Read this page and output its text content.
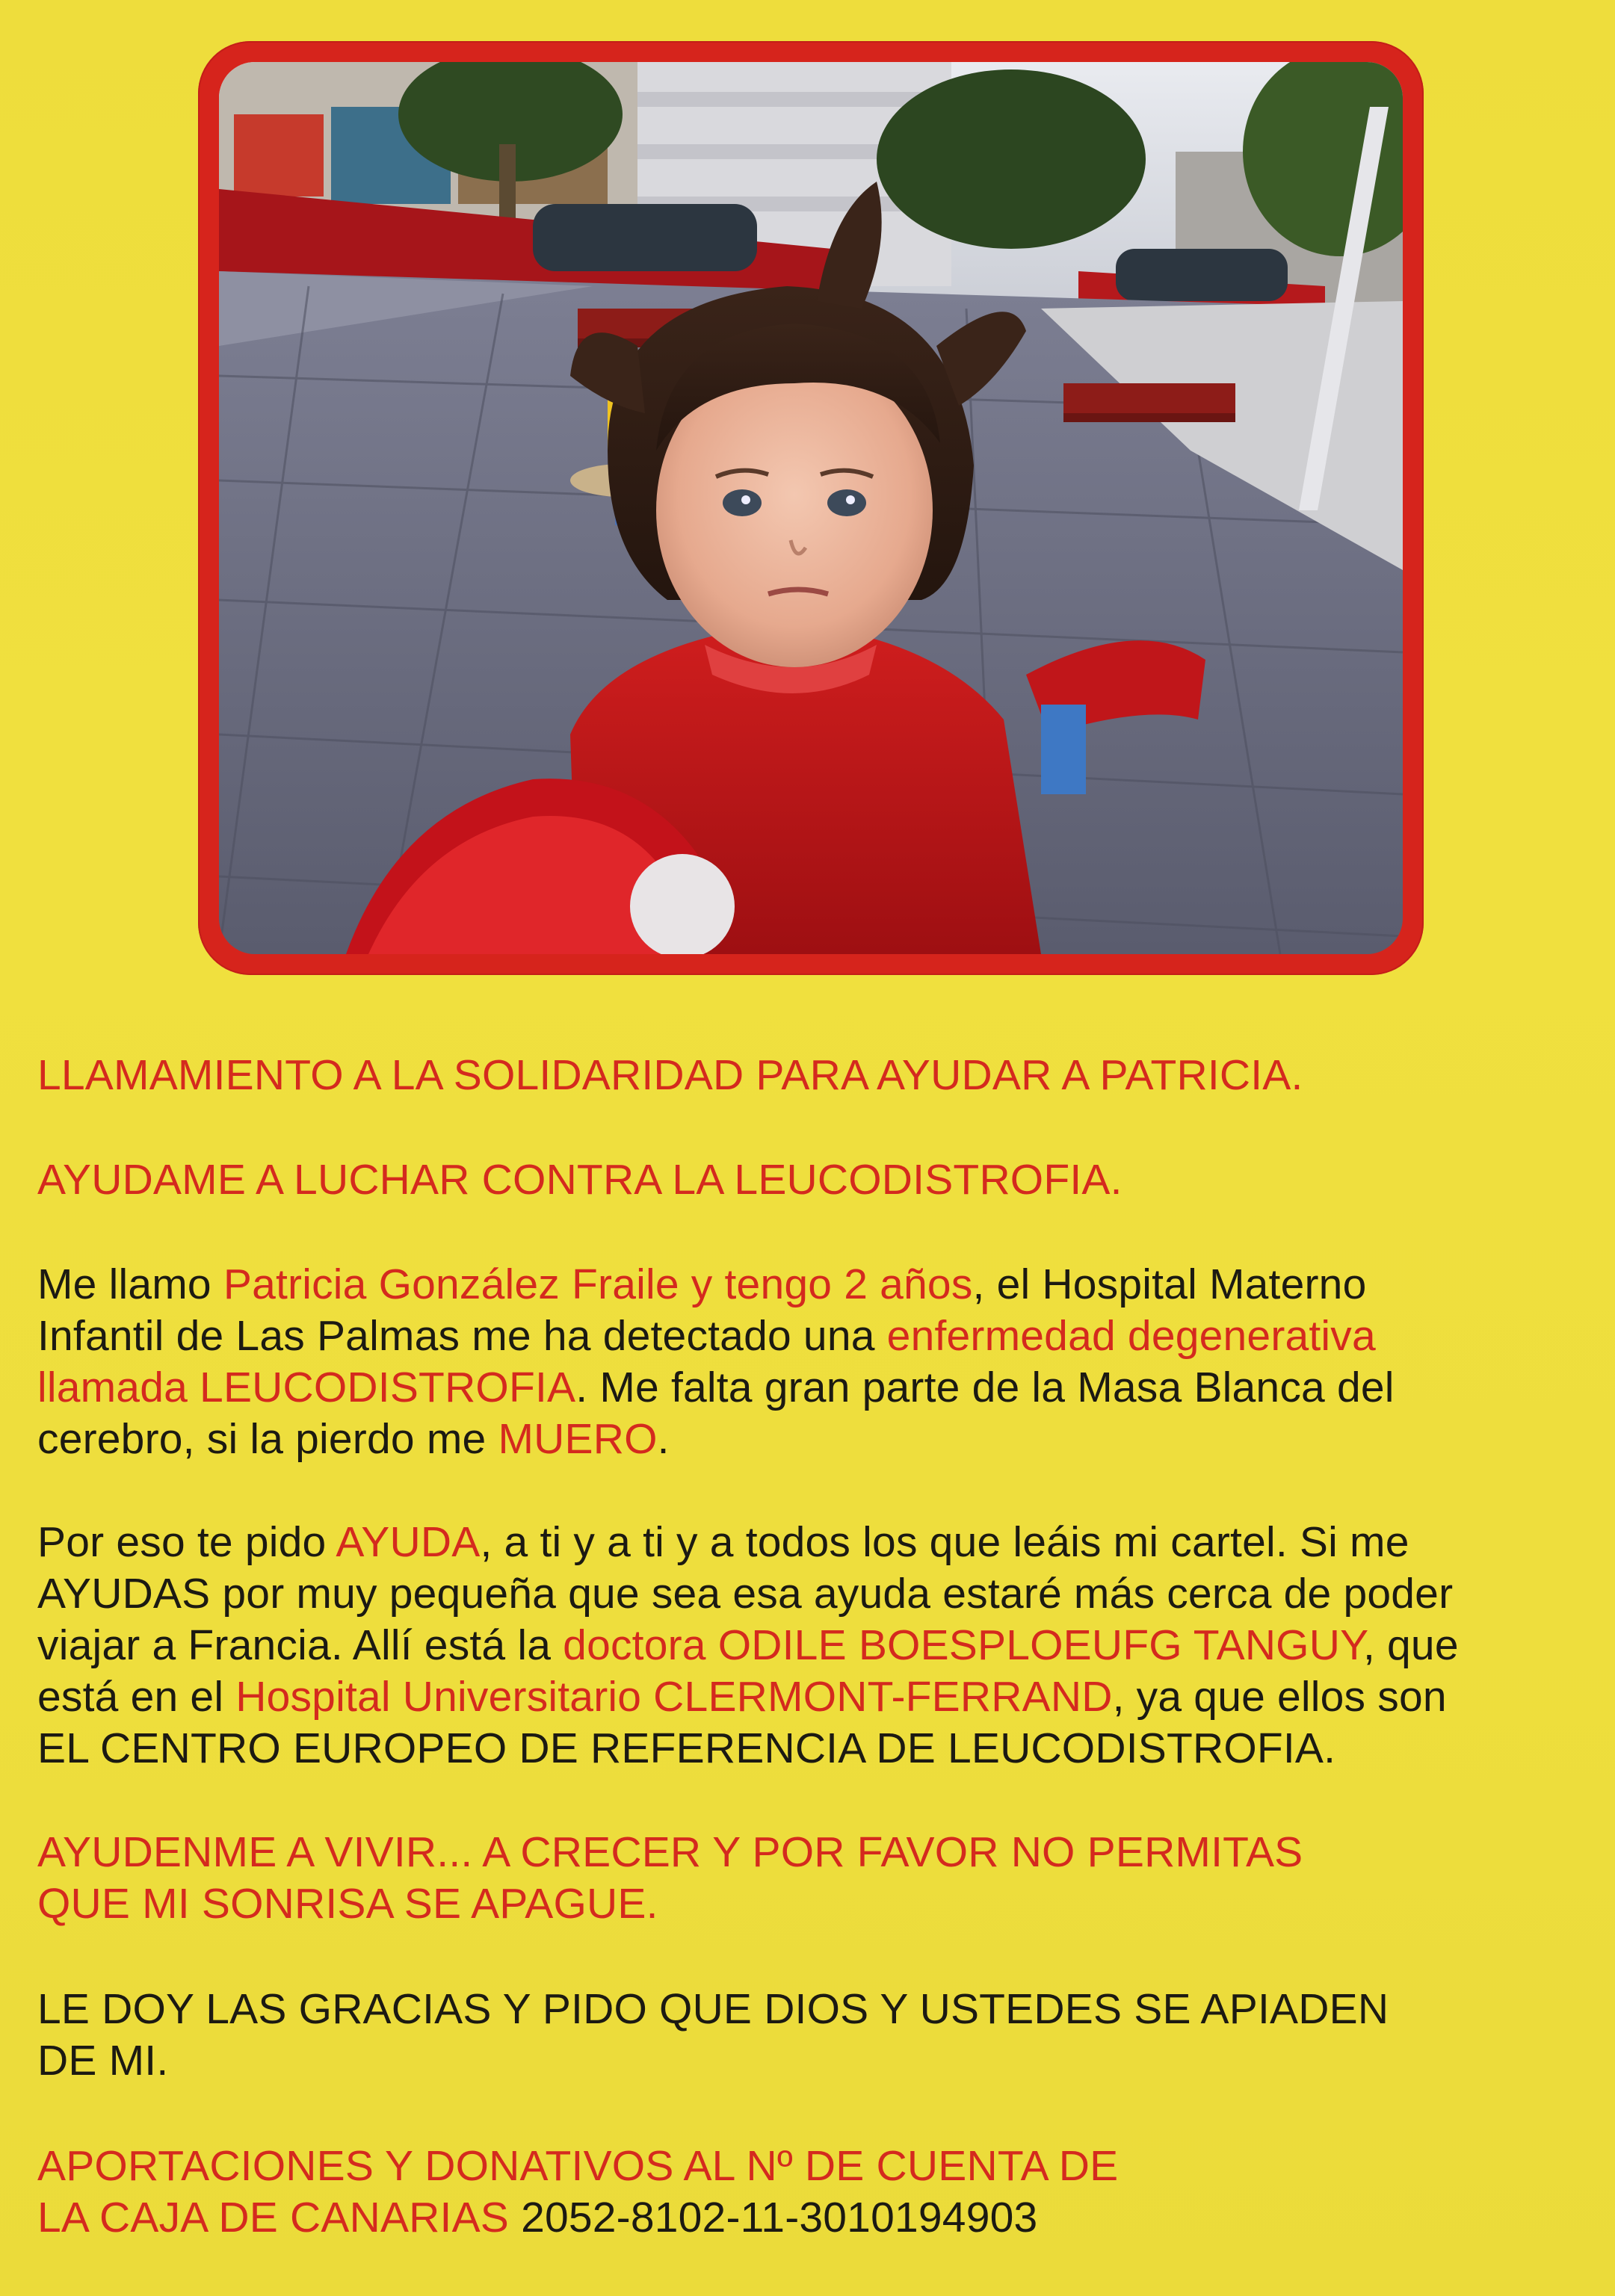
LLAMAMIENTO A LA SOLIDARIDAD PARA AYUDAR A PATRICIA.
AYUDAME A LUCHAR CONTRA LA LEUCODISTROFIA.
Me llamo Patricia González Fraile y tengo 2 años, el Hospital Materno
Infantil de Las Palmas me ha detectado una enfermedad degenerativa
llamada LEUCODISTROFIA. Me falta gran parte de la Masa Blanca del
cerebro, si la pierdo me MUERO.
Por eso te pido AYUDA, a ti y a ti y a todos los que leáis mi cartel. Si me
AYUDAS por muy pequeña que sea esa ayuda estaré más cerca de poder
viajar a Francia. Allí está la doctora ODILE BOESPLOEUFG TANGUY, que
está en el Hospital Universitario CLERMONT-FERRAND, ya que ellos son
EL CENTRO EUROPEO DE REFERENCIA DE LEUCODISTROFIA.
AYUDENME A VIVIR... A CRECER Y POR FAVOR NO PERMITAS
QUE MI SONRISA SE APAGUE.
LE DOY LAS GRACIAS Y PIDO QUE DIOS Y USTEDES SE APIADEN
DE MI.
APORTACIONES Y DONATIVOS AL Nº DE CUENTA DE
LA CAJA DE CANARIAS 2052-8102-11-3010194903
